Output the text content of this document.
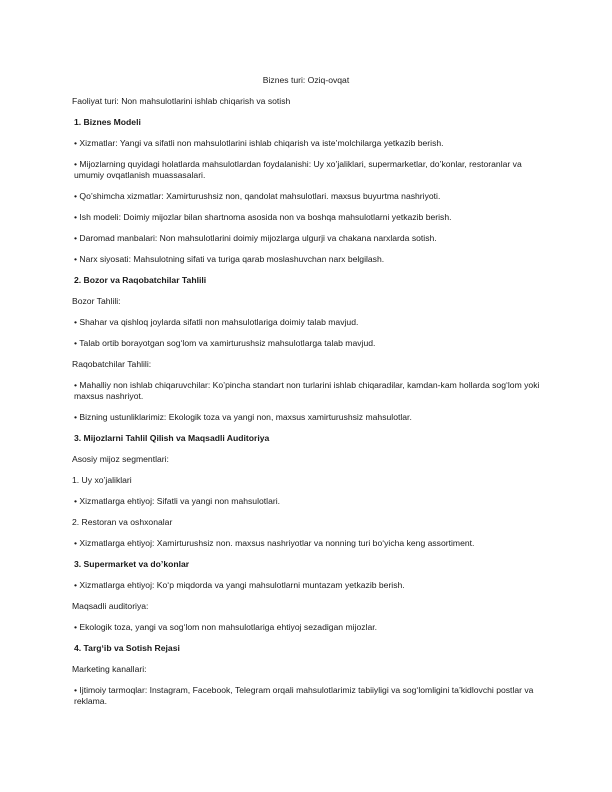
Biznes turi: Oziq-ovqat

Faoliyat turi: Non mahsulotlarini ishlab chiqarish va sotish

1. Biznes Modeli

• Xizmatlar: Yangi va sifatli non mahsulotlarini ishlab chiqarish va iste’molchilarga yetkazib berish.

• Mijozlarning quyidagi holatlarda mahsulotlardan foydalanishi: Uy xo’jaliklari, supermarketlar, do’konlar, restoranlar va umumiy ovqatlanish muassasalari.

• Qo’shimcha xizmatlar: Xamirturushsiz non, qandolat mahsulotlari. maxsus buyurtma nashriyoti.

• Ish modeli: Doimiy mijozlar bilan shartnoma asosida non va boshqa mahsulotlarni yetkazib berish.

• Daromad manbalari: Non mahsulotlarini doimiy mijozlarga ulgurji va chakana narxlarda sotish.

• Narx siyosati: Mahsulotning sifati va turiga qarab moslashuvchan narx belgilash.

2. Bozor va Raqobatchilar Tahlili

Bozor Tahlili:

• Shahar va qishloq joylarda sifatli non mahsulotlariga doimiy talab mavjud.

• Talab ortib borayotgan sog‘lom va xamirturushsiz mahsulotlarga talab mavjud.

Raqobatchilar Tahlili:

• Mahalliy non ishlab chiqaruvchilar: Ko’pincha standart non turlarini ishlab chiqaradilar, kamdan-kam hollarda sog‘lom yoki maxsus nashriyot.

• Bizning ustunliklarimiz: Ekologik toza va yangi non, maxsus xamirturushsiz mahsulotlar.

3. Mijozlarni Tahlil Qilish va Maqsadli Auditoriya

Asosiy mijoz segmentlari:

1. Uy xo’jaliklari

• Xizmatlarga ehtiyoj: Sifatli va yangi non mahsulotlari.

2. Restoran va oshxonalar

• Xizmatlarga ehtiyoj: Xamirturushsiz non. maxsus nashriyotlar va nonning turi bo‘yicha keng assortiment.

3. Supermarket va do’konlar

• Xizmatlarga ehtiyoj: Ko‘p miqdorda va yangi mahsulotlarni muntazam yetkazib berish.

Maqsadli auditoriya:

• Ekologik toza, yangi va sog‘lom non mahsulotlariga ehtiyoj sezadigan mijozlar.

4. Targ‘ib va Sotish Rejasi

Marketing kanallari:

• Ijtimoiy tarmoqlar: Instagram, Facebook, Telegram orqali mahsulotlarimiz tabiiyligi va sog‘lomligini ta’kidlovchi postlar va reklama.
